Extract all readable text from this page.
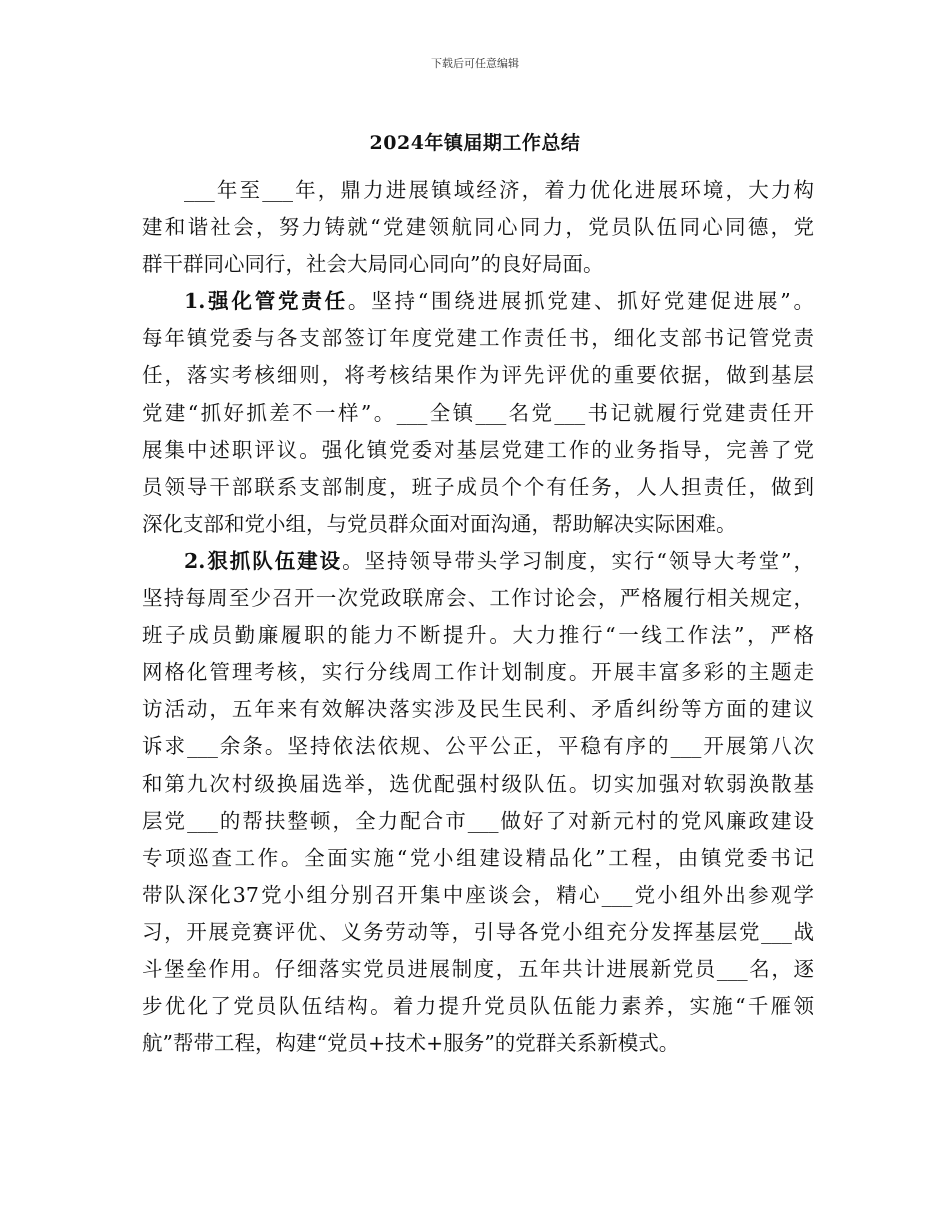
下载后可任意编辑
2024年镇届期工作总结
___年至___年，鼎力进展镇域经济，着力优化进展环境，大力构
建和谐社会，努力铸就“党建领航同心同力，党员队伍同心同德，党
群干群同心同行，社会大局同心同向”的良好局面。
1.强化管党责任。坚持“围绕进展抓党建、抓好党建促进展”。
每年镇党委与各支部签订年度党建工作责任书，细化支部书记管党责
任，落实考核细则，将考核结果作为评先评优的重要依据，做到基层
党建“抓好抓差不一样”。___全镇___名党___书记就履行党建责任开
展集中述职评议。强化镇党委对基层党建工作的业务指导，完善了党
员领导干部联系支部制度，班子成员个个有任务，人人担责任，做到
深化支部和党小组，与党员群众面对面沟通，帮助解决实际困难。
2.狠抓队伍建设。坚持领导带头学习制度，实行“领导大考堂”，
坚持每周至少召开一次党政联席会、工作讨论会，严格履行相关规定，
班子成员勤廉履职的能力不断提升。大力推行“一线工作法”，严格
网格化管理考核，实行分线周工作计划制度。开展丰富多彩的主题走
访活动，五年来有效解决落实涉及民生民利、矛盾纠纷等方面的建议
诉求___余条。坚持依法依规、公平公正，平稳有序的___开展第八次
和第九次村级换届选举，选优配强村级队伍。切实加强对软弱涣散基
层党___的帮扶整顿，全力配合市___做好了对新元村的党风廉政建设
专项巡查工作。全面实施“党小组建设精品化”工程，由镇党委书记
带队深化37党小组分别召开集中座谈会，精心___党小组外出参观学
习，开展竞赛评优、义务劳动等，引导各党小组充分发挥基层党___战
斗堡垒作用。仔细落实党员进展制度，五年共计进展新党员___名，逐
步优化了党员队伍结构。着力提升党员队伍能力素养，实施“千雁领
航”帮带工程，构建“党员+技术+服务”的党群关系新模式。
